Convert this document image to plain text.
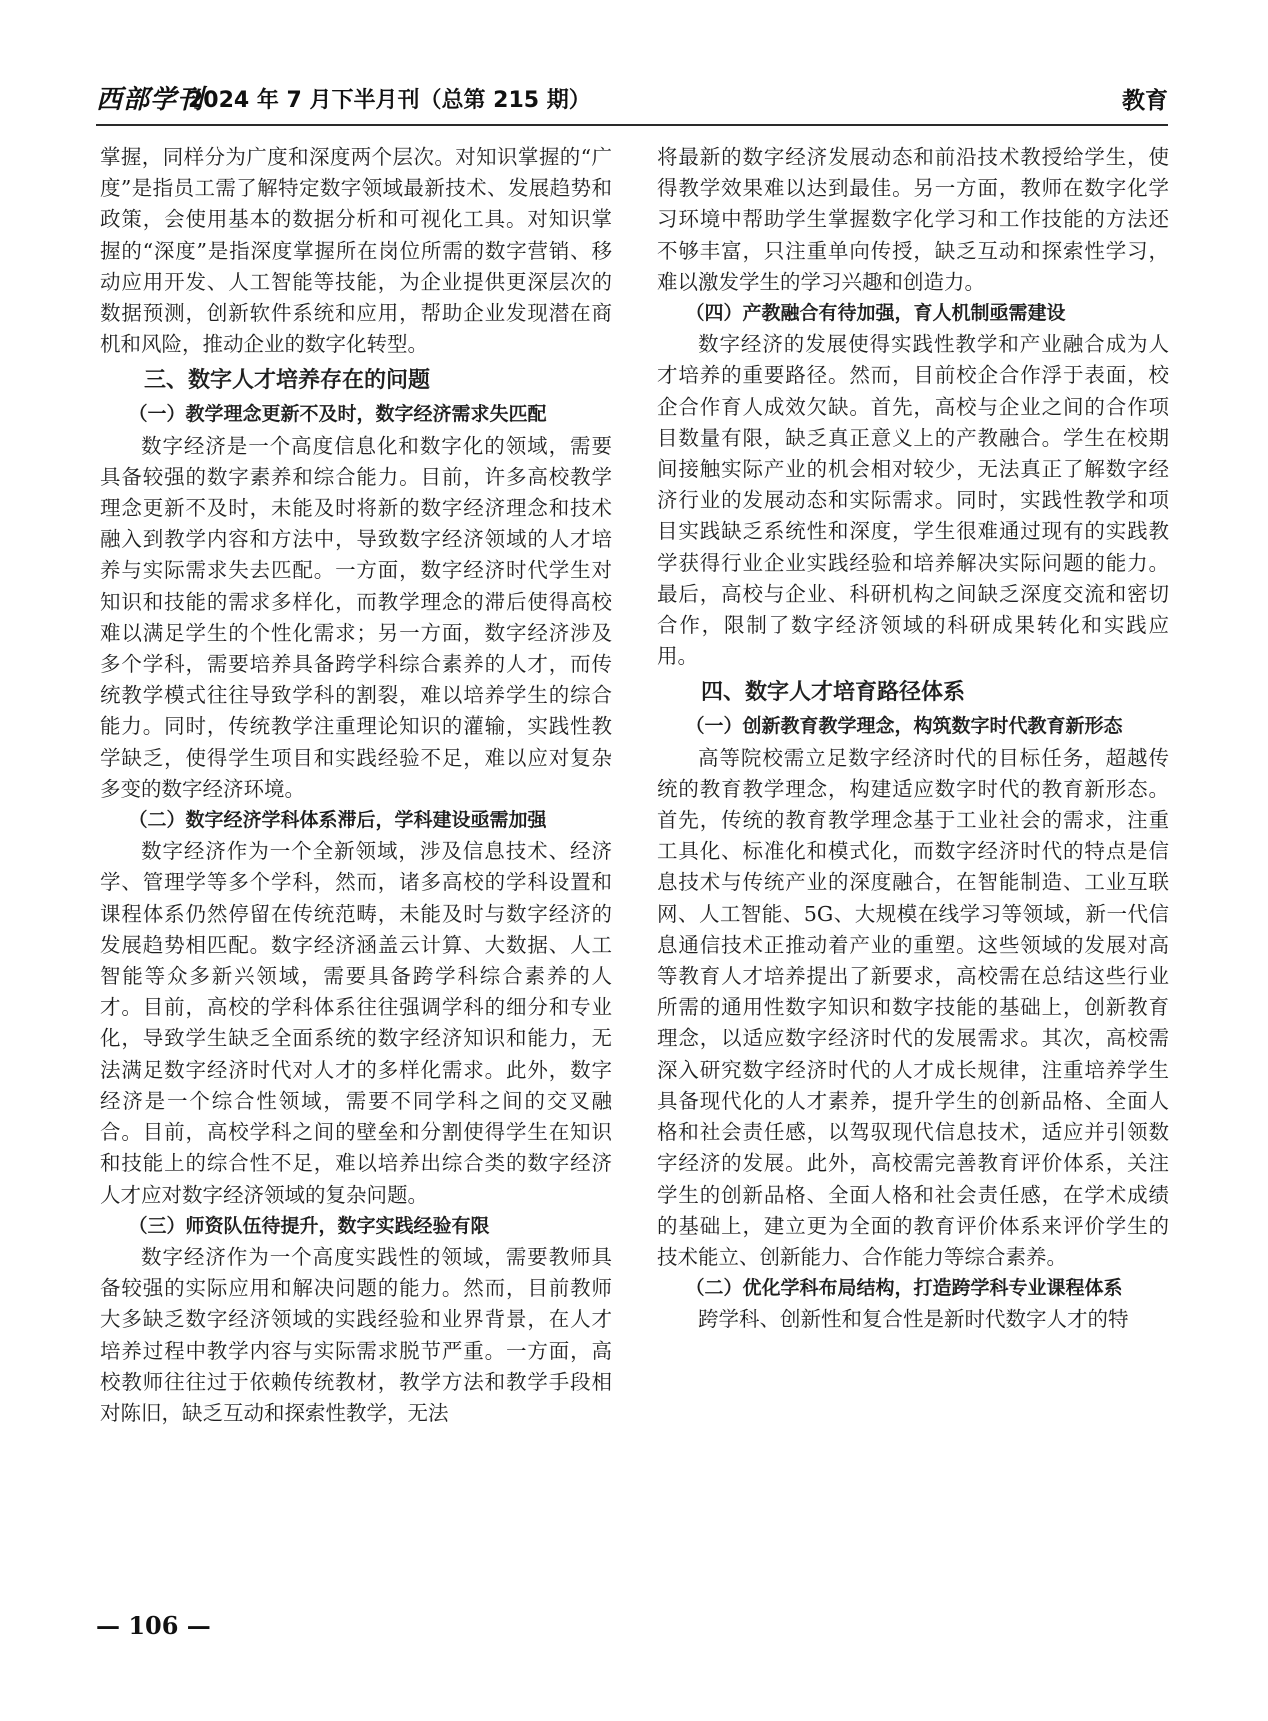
西部学刊
2024 年 7 月下半月刊（总第 215 期）	教育

掌握，同样分为广度和深度两个层次。对知识掌握的“广度”是指员工需了解特定数字领域最新技术、发展趋势和政策，会使用基本的数据分析和可视化工具。对知识掌握的“深度”是指深度掌握所在岗位所需的数字营销、移动应用开发、人工智能等技能，为企业提供更深层次的数据预测，创新软件系统和应用，帮助企业发现潜在商机和风险，推动企业的数字化转型。

三、数字人才培养存在的问题
（一）教学理念更新不及时，数字经济需求失匹配

数字经济是一个高度信息化和数字化的领域，需要具备较强的数字素养和综合能力。目前，许多高校教学理念更新不及时，未能及时将新的数字经济理念和技术融入到教学内容和方法中，导致数字经济领域的人才培养与实际需求失去匹配。一方面，数字经济时代学生对知识和技能的需求多样化，而教学理念的滞后使得高校难以满足学生的个性化需求；另一方面，数字经济涉及多个学科，需要培养具备跨学科综合素养的人才，而传统教学模式往往导致学科的割裂，难以培养学生的综合能力。同时，传统教学注重理论知识的灌输，实践性教学缺乏，使得学生项目和实践经验不足，难以应对复杂多变的数字经济环境。

（二）数字经济学科体系滞后，学科建设亟需加强

数字经济作为一个全新领域，涉及信息技术、经济学、管理学等多个学科，然而，诸多高校的学科设置和课程体系仍然停留在传统范畴，未能及时与数字经济的发展趋势相匹配。数字经济涵盖云计算、大数据、人工智能等众多新兴领域，需要具备跨学科综合素养的人才。目前，高校的学科体系往往强调学科的细分和专业化，导致学生缺乏全面系统的数字经济知识和能力，无法满足数字经济时代对人才的多样化需求。此外，数字经济是一个综合性领域，需要不同学科之间的交叉融合。目前，高校学科之间的壁垒和分割使得学生在知识和技能上的综合性不足，难以培养出综合类的数字经济人才应对数字经济领域的复杂问题。

（三）师资队伍待提升，数字实践经验有限

数字经济作为一个高度实践性的领域，需要教师具备较强的实际应用和解决问题的能力。然而，目前教师大多缺乏数字经济领域的实践经验和业界背景，在人才培养过程中教学内容与实际需求脱节严重。一方面，高校教师往往过于依赖传统教材，教学方法和教学手段相对陈旧，缺乏互动和探索性教学，无法

将最新的数字经济发展动态和前沿技术教授给学生，使得教学效果难以达到最佳。另一方面，教师在数字化学习环境中帮助学生掌握数字化学习和工作技能的方法还不够丰富，只注重单向传授，缺乏互动和探索性学习，难以激发学生的学习兴趣和创造力。

（四）产教融合有待加强，育人机制亟需建设

数字经济的发展使得实践性教学和产业融合成为人才培养的重要路径。然而，目前校企合作浮于表面，校企合作育人成效欠缺。首先，高校与企业之间的合作项目数量有限，缺乏真正意义上的产教融合。学生在校期间接触实际产业的机会相对较少，无法真正了解数字经济行业的发展动态和实际需求。同时，实践性教学和项目实践缺乏系统性和深度，学生很难通过现有的实践教学获得行业企业实践经验和培养解决实际问题的能力。最后，高校与企业、科研机构之间缺乏深度交流和密切合作，限制了数字经济领域的科研成果转化和实践应用。

四、数字人才培育路径体系
（一）创新教育教学理念，构筑数字时代教育新形态

高等院校需立足数字经济时代的目标任务，超越传统的教育教学理念，构建适应数字时代的教育新形态。首先，传统的教育教学理念基于工业社会的需求，注重工具化、标准化和模式化，而数字经济时代的特点是信息技术与传统产业的深度融合，在智能制造、工业互联网、人工智能、5G、大规模在线学习等领域，新一代信息通信技术正推动着产业的重塑。这些领域的发展对高等教育人才培养提出了新要求，高校需在总结这些行业所需的通用性数字知识和数字技能的基础上，创新教育理念，以适应数字经济时代的发展需求。其次，高校需深入研究数字经济时代的人才成长规律，注重培养学生具备现代化的人才素养，提升学生的创新品格、全面人格和社会责任感，以驾驭现代信息技术，适应并引领数字经济的发展。此外，高校需完善教育评价体系，关注学生的创新品格、全面人格和社会责任感，在学术成绩的基础上，建立更为全面的教育评价体系来评价学生的技术能立、创新能力、合作能力等综合素养。

（二）优化学科布局结构，打造跨学科专业课程体系

跨学科、创新性和复合性是新时代数字人才的特

— 106 —
